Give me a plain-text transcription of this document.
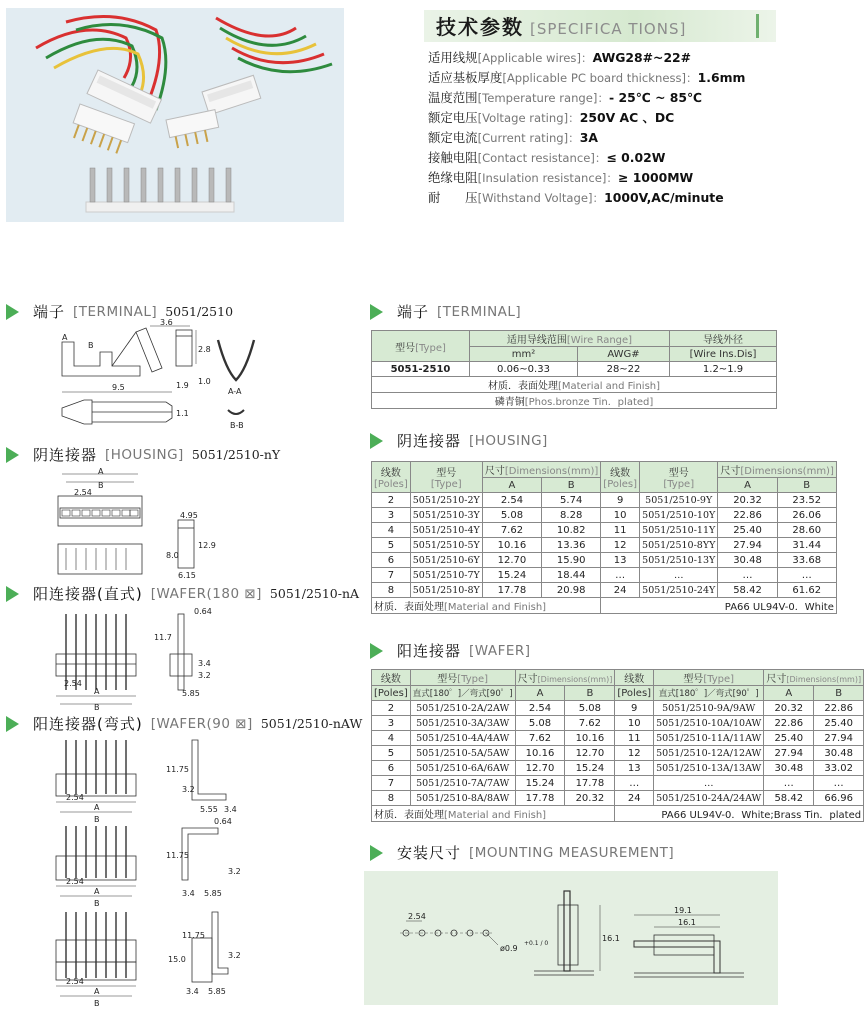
技术参数 [SPECIFICA TIONS]
适用线规[Applicable wires]：AWG28#~22#
适应基板厚度[Applicable PC board thickness]：1.6mm
温度范围[Temperature range]：- 25℃ ~ 85℃
额定电压[Voltage rating]：250V AC 、DC
额定电流[Current rating]：3A
接触电阻[Contact resistance]：≤ 0.02W
绝缘电阻[Insulation resistance]：≥ 1000MW
耐　　压[Withstand Voltage]：1000V,AC/minute
端子 [TERMINAL] 5051/2510
阴连接器 [HOUSING] 5051/2510-nY
阳连接器(直式) [WAFER(180 ⊠] 5051/2510-nA
阳连接器(弯式) [WAFER(90 ⊠] 5051/2510-nAW
3.6
2.8
1.9 1.0
9.5
1.1
A
B
A-A
B-B
A
B
2.54
4.95
8.0
12.9
6.15
0.64
11.7
3.4
3.2
2.54
A
B
5.85
11.75
3.2
5.55 3.4
2.54
A
B	0.64
11.75
3.2
3.4 5.85
2.54
A
B
11.75
15.0	3.2
3.4 5.85
2.54
A
B
端子 [TERMINAL]
阴连接器 [HOUSING]
阳连接器 [WAFER]
安装尺寸 [MOUNTING MEASUREMENT]
型号[Type]	适用导线范围[Wire Range]		导线外径
	mm²	AWG#	[Wire Ins.Dis]
5051-2510	0.06~0.33	28~22	1.2~1.9
材质．表面处理[Material and Finish]			
磷青铜[Phos.bronze Tin．plated]			
线数
[Poles]	型号
[Type]	尺寸[Dimensions(mm)]		线数
[Poles]	型号
[Type]	尺寸[Dimensions(mm)]	
		A	B			A	B
2	5051/2510-2Y	2.54	5.74	9	5051/2510-9Y	20.32	23.52
3	5051/2510-3Y	5.08	8.28	10	5051/2510-10Y	22.86	26.06
4	5051/2510-4Y	7.62	10.82	11	5051/2510-11Y	25.40	28.60
5	5051/2510-5Y	10.16	13.36	12	5051/2510-8YY	27.94	31.44
6	5051/2510-6Y	12.70	15.90	13	5051/2510-13Y	30.48	33.68
7	5051/2510-7Y	15.24	18.44	…	…	…	…
8	5051/2510-8Y	17.78	20.98	24	5051/2510-24Y	58.42	61.62
材质．表面处理[Material and Finish]				PA66 UL94V-0．White			
线数	型号[Type]	尺寸[Dimensions(mm)]		线数	型号[Type]	尺寸[Dimensions(mm)]	
[Poles]	直式[180゜]／弯式[90゜]	A	B	[Poles]	直式[180゜]／弯式[90゜]	A	B
2	5051/2510-2A/2AW	2.54	5.08	9	5051/2510-9A/9AW	20.32	22.86
3	5051/2510-3A/3AW	5.08	7.62	10	5051/2510-10A/10AW	22.86	25.40
4	5051/2510-4A/4AW	7.62	10.16	11	5051/2510-11A/11AW	25.40	27.94
5	5051/2510-5A/5AW	10.16	12.70	12	5051/2510-12A/12AW	27.94	30.48
6	5051/2510-6A/6AW	12.70	15.24	13	5051/2510-13A/13AW	30.48	33.02
7	5051/2510-7A/7AW	15.24	17.78	…	…	…	…
8	5051/2510-8A/8AW	17.78	20.32	24	5051/2510-24A/24AW	58.42	66.96
材质．表面处理[Material and Finish]				PA66 UL94V-0．White;Brass Tin．plated			
2.54
ø0.9
+0.1 / 0
16.1
19.1
16.1
